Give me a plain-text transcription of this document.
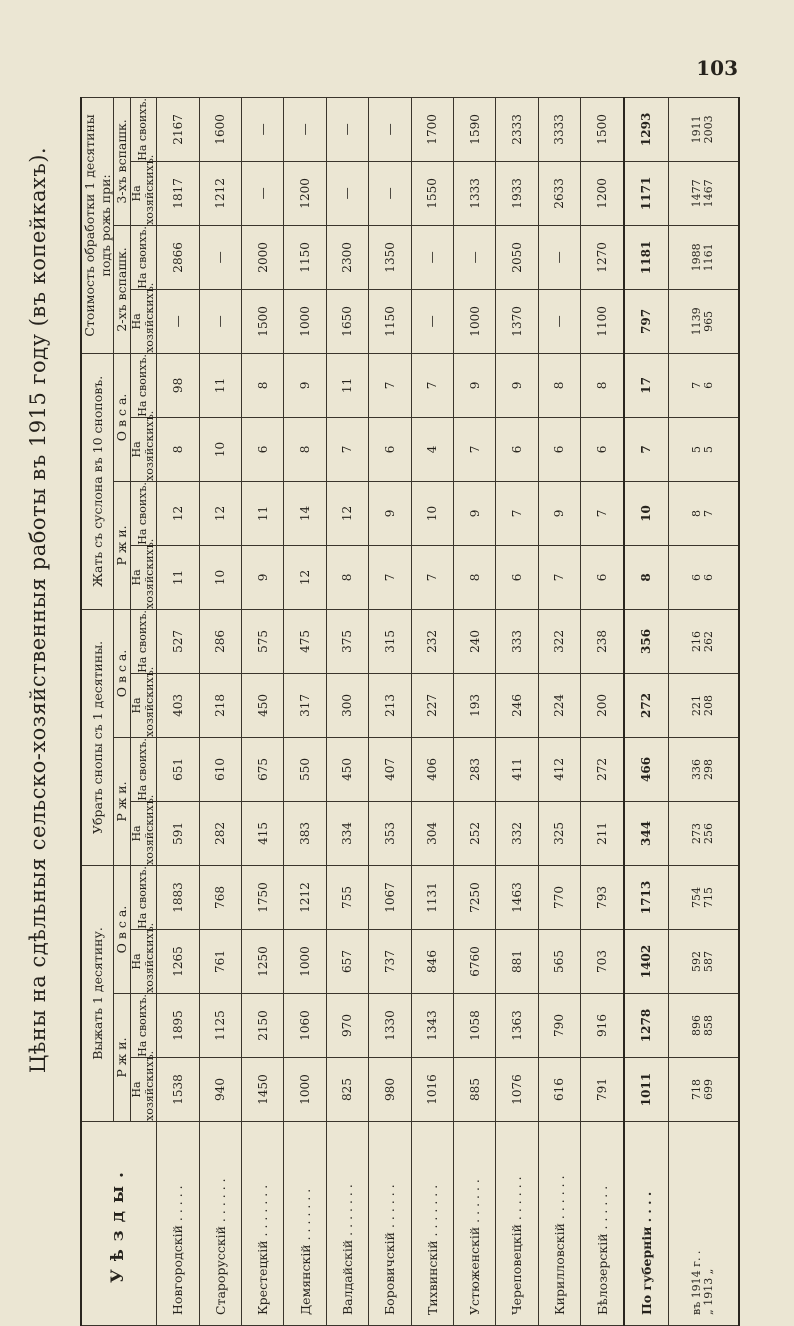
103
Цѣны на сдѣльныя сельско-хозяйственныя работы въ 1915 году (въ копейкахъ).
Уѣзды.	Выжать 1 десятину.				Убрать снопы съ 1 десятины.				Жать съ суслона въ 10 сноповъ.				Стоимость обработки 1 десятины подъ рожь при:			
	Р ж и.		О в с а.		Р ж и.		О в с а.		Р ж и.		О в с а.		2-хъ вспашк.		3-хъ вспашк.	
	На хозяйскихъ.	На своихъ.	На хозяйскихъ.	На своихъ.	На хозяйскихъ.	На своихъ.	На хозяйскихъ.	На своихъ.	На хозяйскихъ.	На своихъ.	На хозяйскихъ.	На своихъ.	На хозяйскихъ.	На своихъ.	На хозяйскихъ.	На своихъ.
Новгородскій . . . . .	1538	1895	1265	1883	591	651	403	527	11	12	8	98	—	2866	1817	2167
Старорусскій . . . . . .	940	1125	761	768	282	610	218	286	10	12	10	11	—	—	1212	1600
Крестецкій . . . . . . .	1450	2150	1250	1750	415	675	450	575	9	11	6	8	1500	2000	—	—
Демянскій . . . . . . .	1000	1060	1000	1212	383	550	317	475	12	14	8	9	1000	1150	1200	—
Валдайскій . . . . . . .	825	970	657	755	334	450	300	375	8	12	7	11	1650	2300	—	—
Боровичскій . . . . . .	980	1330	737	1067	353	407	213	315	7	9	6	7	1150	1350	—	—
Тихвинскій . . . . . . .	1016	1343	846	1131	304	406	227	232	7	10	4	7	—	—	1550	1700
Устюженскій . . . . . .	885	1058	6760	7250	252	283	193	240	8	9	7	9	1000	—	1333	1590
Череповецкій . . . . . .	1076	1363	881	1463	332	411	246	333	6	7	6	9	1370	2050	1933	2333
Кирилловскій . . . . . .	616	790	565	770	325	412	224	322	7	9	6	8	—	—	2633	3333
Бѣлозерскій . . . . . .	791	916	703	793	211	272	200	238	6	7	6	8	1100	1270	1200	1500
По губерніи . . . .	1011	1278	1402	1713	344	466	272	356	8	10	7	17	797	1181	1171	1293

въ 1914 г. . „ 1913 „	718 699	896 858	592 587	754 715	273 256	336 298	221 208	216 262	6 6	8 7	5 5	7 6	1139 965	1988 1161	1477 1467	1911 2003
